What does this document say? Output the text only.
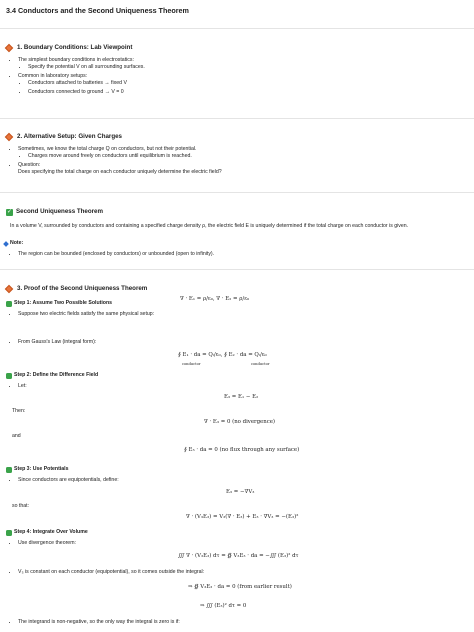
3.4 Conductors and the Second Uniqueness Theorem
1. Boundary Conditions: Lab Viewpoint
• The simplest boundary conditions in electrostatics:
• Specify the potential V on all surrounding surfaces.
• Common in laboratory setups:
• Conductors attached to batteries → fixed V
• Conductors connected to ground → V = 0
2. Alternative Setup: Given Charges
• Sometimes, we know the total charge Q on conductors, but not their potential.
• Charges move around freely on conductors until equilibrium is reached.
• Question:
Does specifying the total charge on each conductor uniquely determine the electric field?
✓ Second Uniqueness Theorem
In a volume V, surrounded by conductors and containing a specified charge density ρ, the electric field E is uniquely determined if the total charge on each conductor is given.
Note:
• The region can be bounded (enclosed by conductors) or unbounded (open to infinity).
3. Proof of the Second Uniqueness Theorem
Step 1: Assume Two Possible Solutions
• Suppose two electric fields satisfy the same physical setup:
∇ · E₁ = ρ/ε₀, ∇ · E₂ = ρ/ε₀
• From Gauss's Law (integral form):
∮ E₁ · da = Qᵢ/ε₀, ∮ E₂ · da = Qᵢ/ε₀
conductor	conductor
Step 2: Define the Difference Field
• Let:
E₃ = E₁ − E₂
Then:
∇ · E₃ = 0 (no divergence)
and
∮ E₃ · da = 0 (no flux through any surface)
Step 3: Use Potentials
• Since conductors are equipotentials, define:
E₃ = −∇V₃
so that:
∇ · (V₃E₃) = V₃(∇ · E₃) + E₃ · ∇V₃ = −(E₃)²
Step 4: Integrate Over Volume
• Use divergence theorem:
∭ ∇ · (V₃E₃) dτ = ∯ V₃E₃ · da = −∭ (E₃)² dτ
• V₃ is constant on each conductor (equipotential), so it comes outside the integral:
⇒ ∯ V₃E₃ · da = 0 (from earlier result)
⇒ ∭ (E₃)² dτ = 0
• The integrand is non-negative, so the only way the integral is zero is if:
